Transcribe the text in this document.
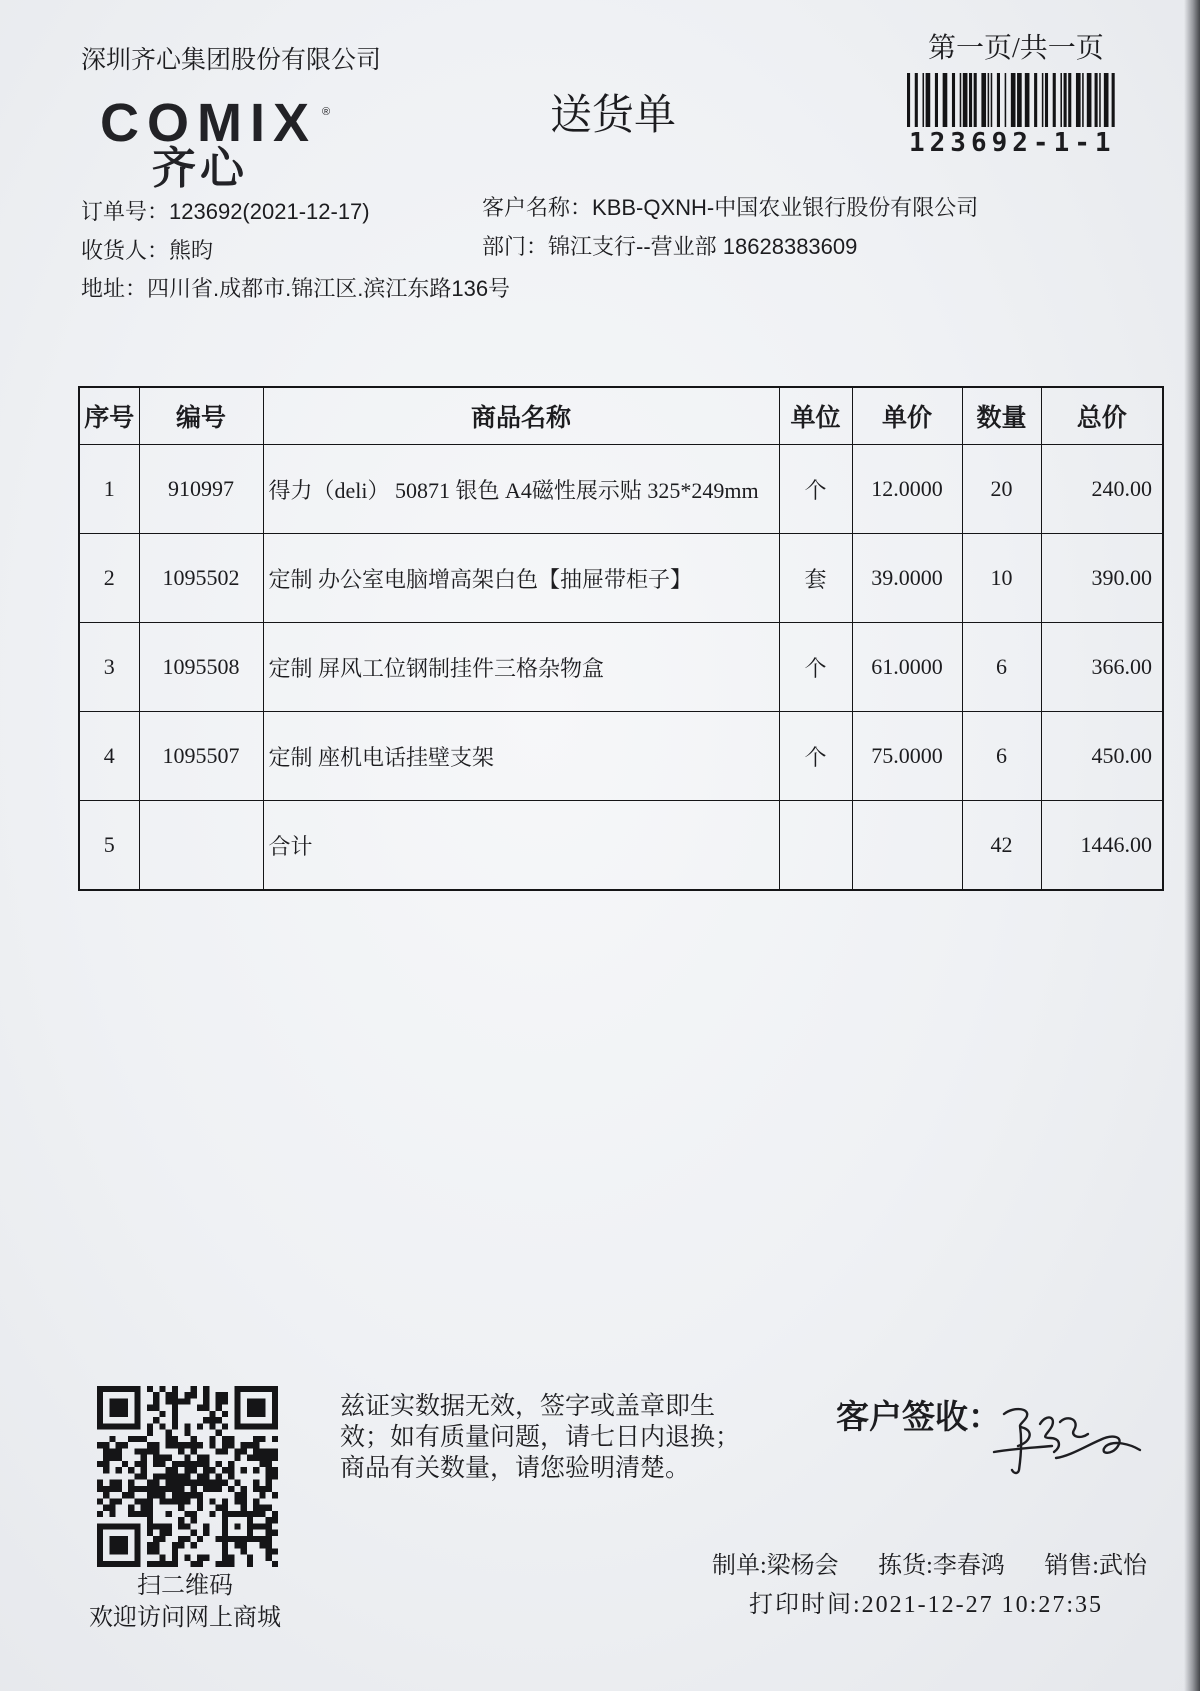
深圳齐心集团股份有限公司	第一页/共一页
123692-1-1
COMIX ®
齐心
送货单
订单号：123692(2021-12-17)
收货人：熊昀
地址：四川省.成都市.锦江区.滨江东路136号
客户名称：KBB-QXNH-中国农业银行股份有限公司
部门：锦江支行--营业部 18628383609
序号	编号	商品名称	单位	单价	数量	总价
1	910997	得力（deli） 50871 银色 A4磁性展示贴 325*249mm	个	12.0000	20	240.00
2	1095502	定制 办公室电脑增高架白色【抽屉带柜子】	套	39.0000	10	390.00
3	1095508	定制 屏风工位钢制挂件三格杂物盒	个	61.0000	6	366.00
4	1095507	定制 座机电话挂壁支架	个	75.0000	6	450.00
5		合计			42	1446.00
扫二维码
欢迎访问网上商城
兹证实数据无效，签字或盖章即生
效；如有质量问题，请七日内退换；
商品有关数量，请您验明清楚。
客户签收：
制单:梁杨会 拣货:李春鸿 销售:武怡
打印时间:2021-12-27 10:27:35
